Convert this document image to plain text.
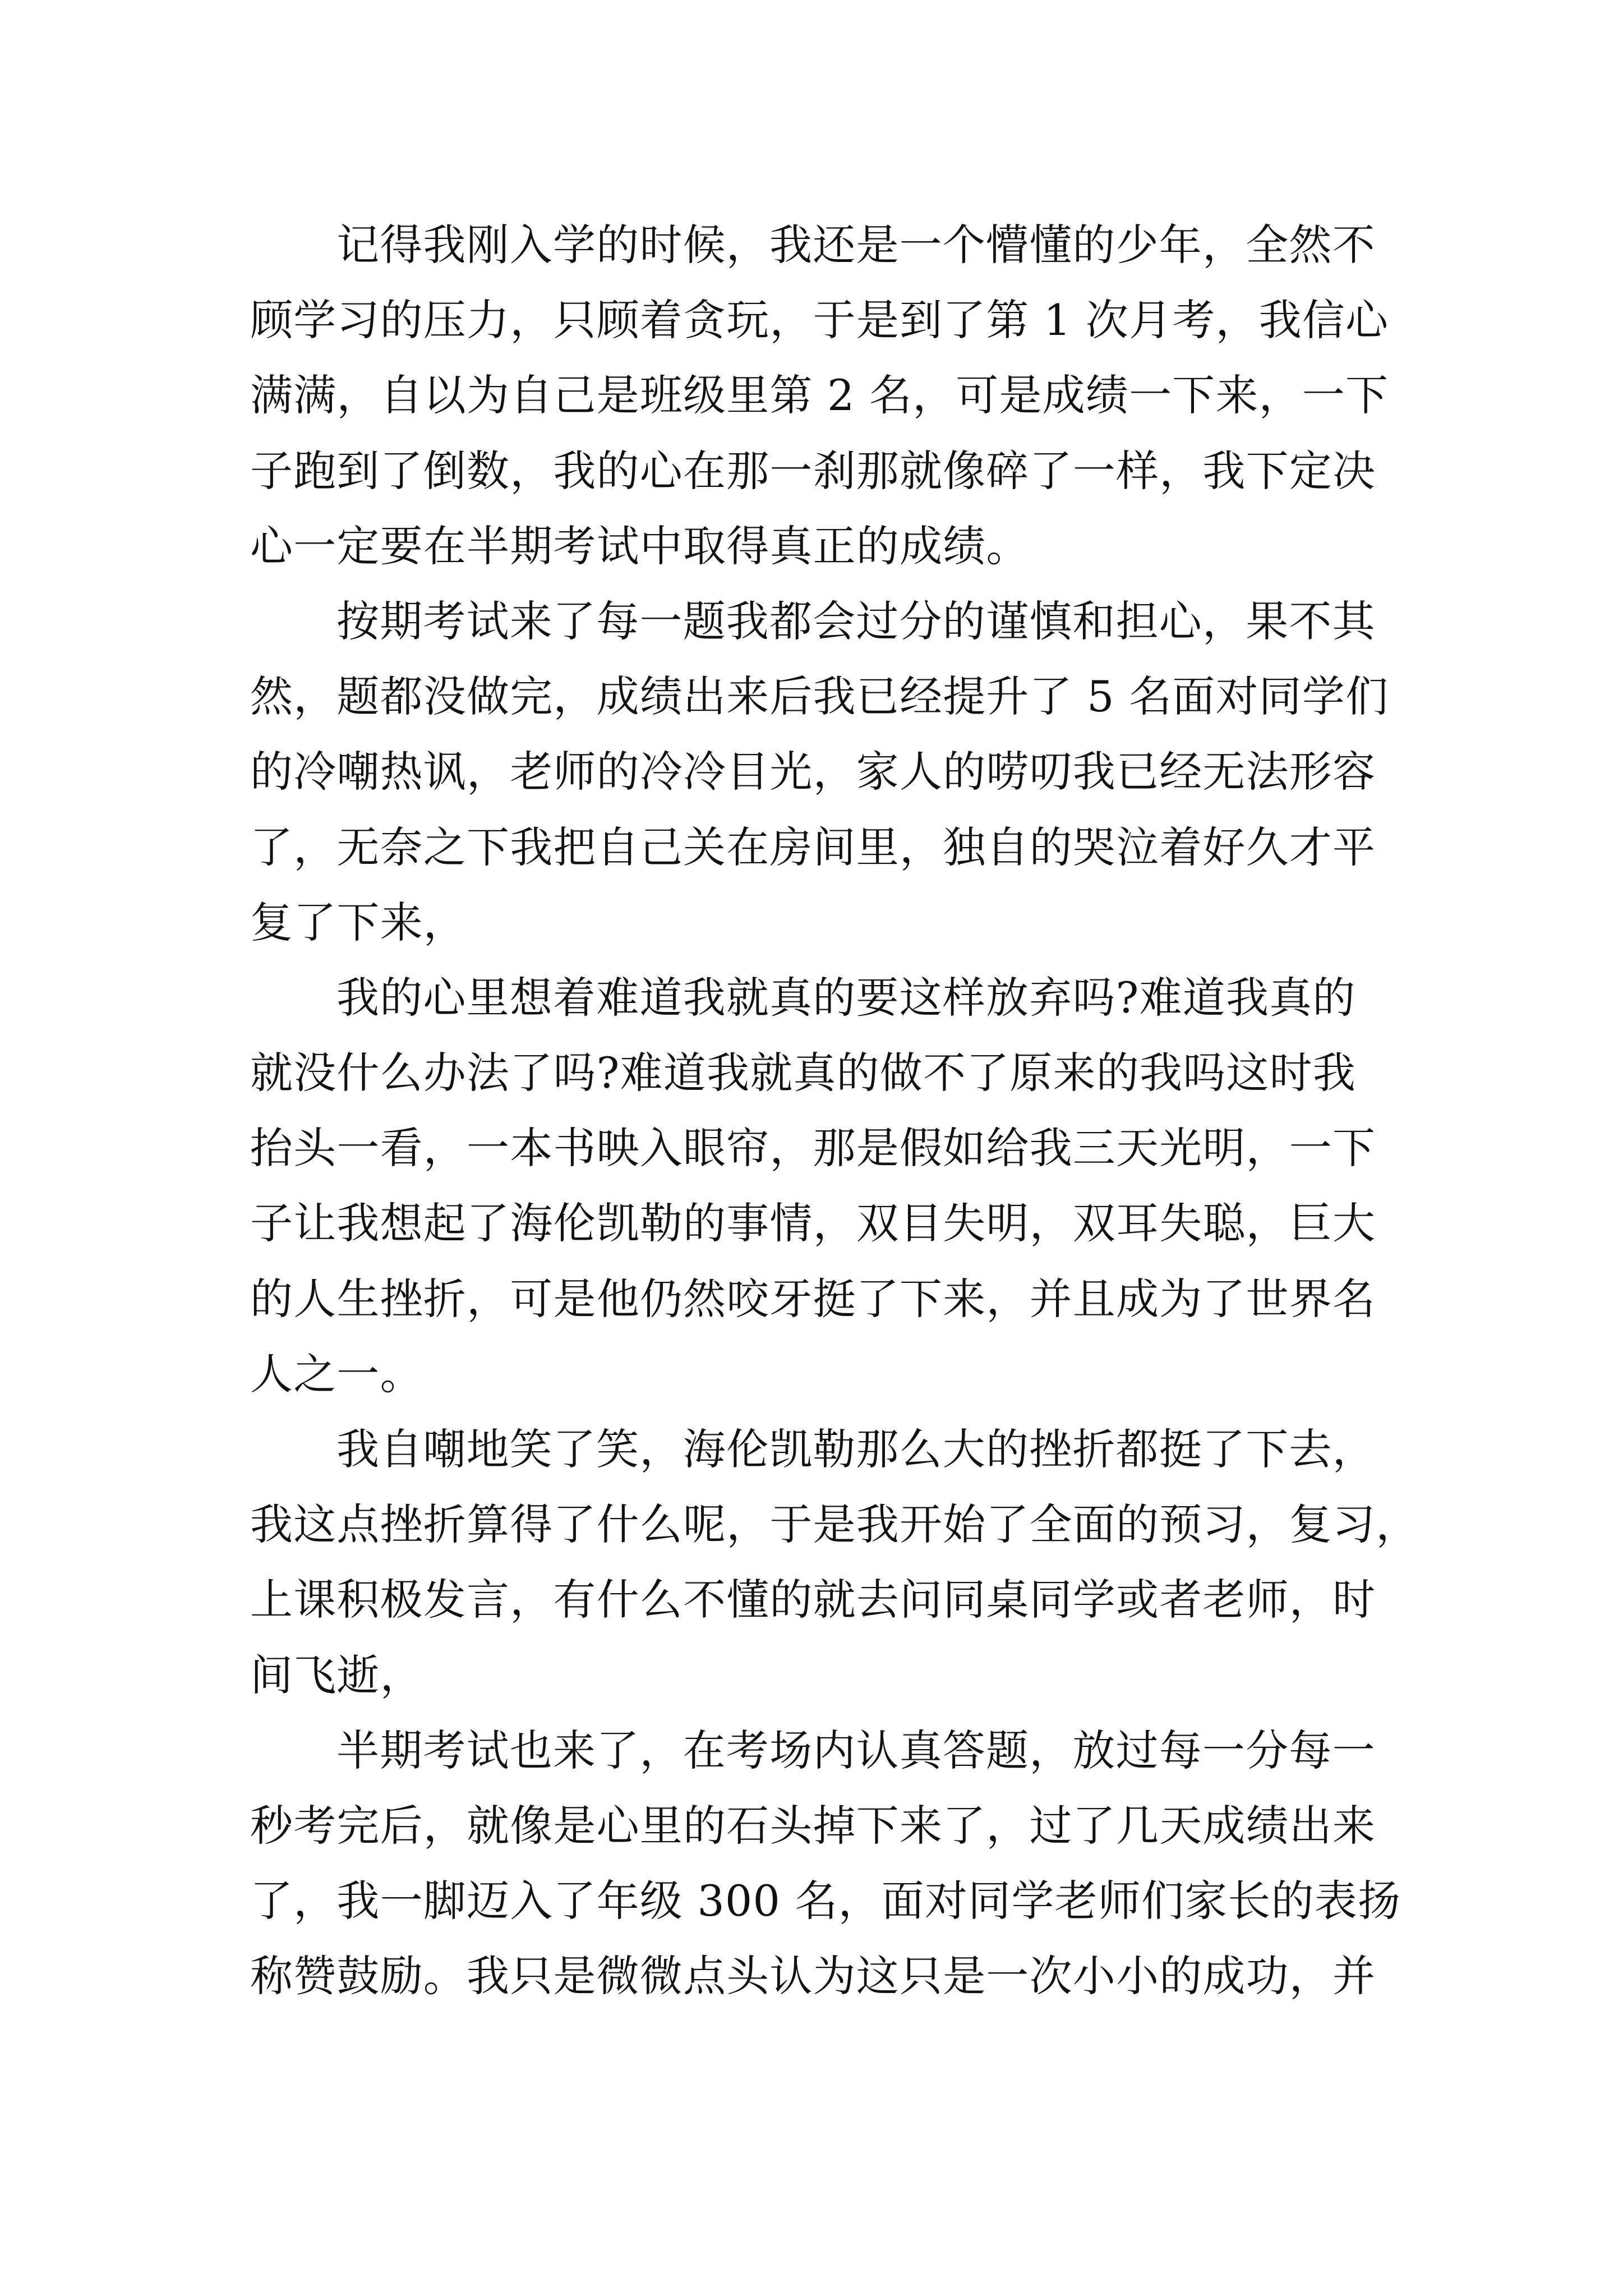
记得我刚入学的时候，我还是一个懵懂的少年，全然不
顾学习的压力，只顾着贪玩，于是到了第 1 次月考，我信心
满满，自以为自己是班级里第 2 名，可是成绩一下来，一下
子跑到了倒数，我的心在那一刹那就像碎了一样，我下定决
心一定要在半期考试中取得真正的成绩。
按期考试来了每一题我都会过分的谨慎和担心，果不其
然，题都没做完，成绩出来后我已经提升了 5 名面对同学们
的冷嘲热讽，老师的冷冷目光，家人的唠叨我已经无法形容
了，无奈之下我把自己关在房间里，独自的哭泣着好久才平
复了下来，
我的心里想着难道我就真的要这样放弃吗?难道我真的
就没什么办法了吗?难道我就真的做不了原来的我吗这时我
抬头一看，一本书映入眼帘，那是假如给我三天光明，一下
子让我想起了海伦凯勒的事情，双目失明，双耳失聪，巨大
的人生挫折，可是他仍然咬牙挺了下来，并且成为了世界名
人之一。
我自嘲地笑了笑，海伦凯勒那么大的挫折都挺了下去，
我这点挫折算得了什么呢，于是我开始了全面的预习，复习，
上课积极发言，有什么不懂的就去问同桌同学或者老师，时
间飞逝，
半期考试也来了，在考场内认真答题，放过每一分每一
秒考完后，就像是心里的石头掉下来了，过了几天成绩出来
了，我一脚迈入了年级 300 名，面对同学老师们家长的表扬
称赞鼓励。我只是微微点头认为这只是一次小小的成功，并
